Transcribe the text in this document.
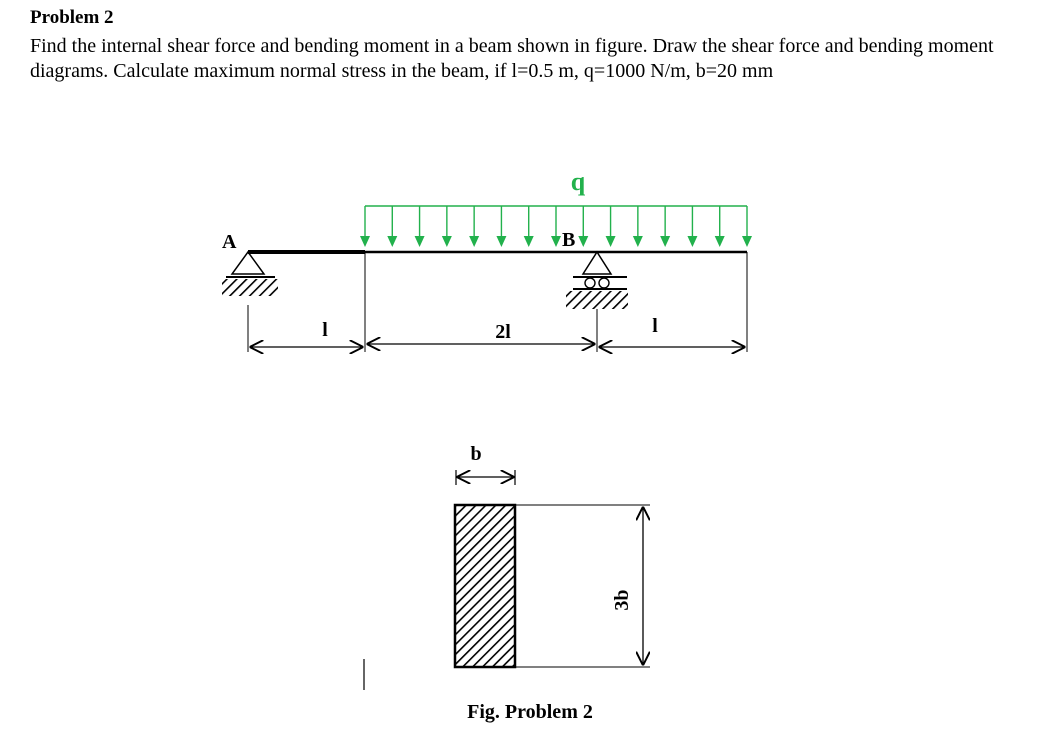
Problem 2

Find the internal shear force and bending moment in a beam shown in figure. Draw the shear force and bending moment diagrams. Calculate maximum normal stress in the beam, if l=0.5 m, q=1000 N/m, b=20 mm

q
A	B
l	2l	l
b
3b
Fig. Problem 2
